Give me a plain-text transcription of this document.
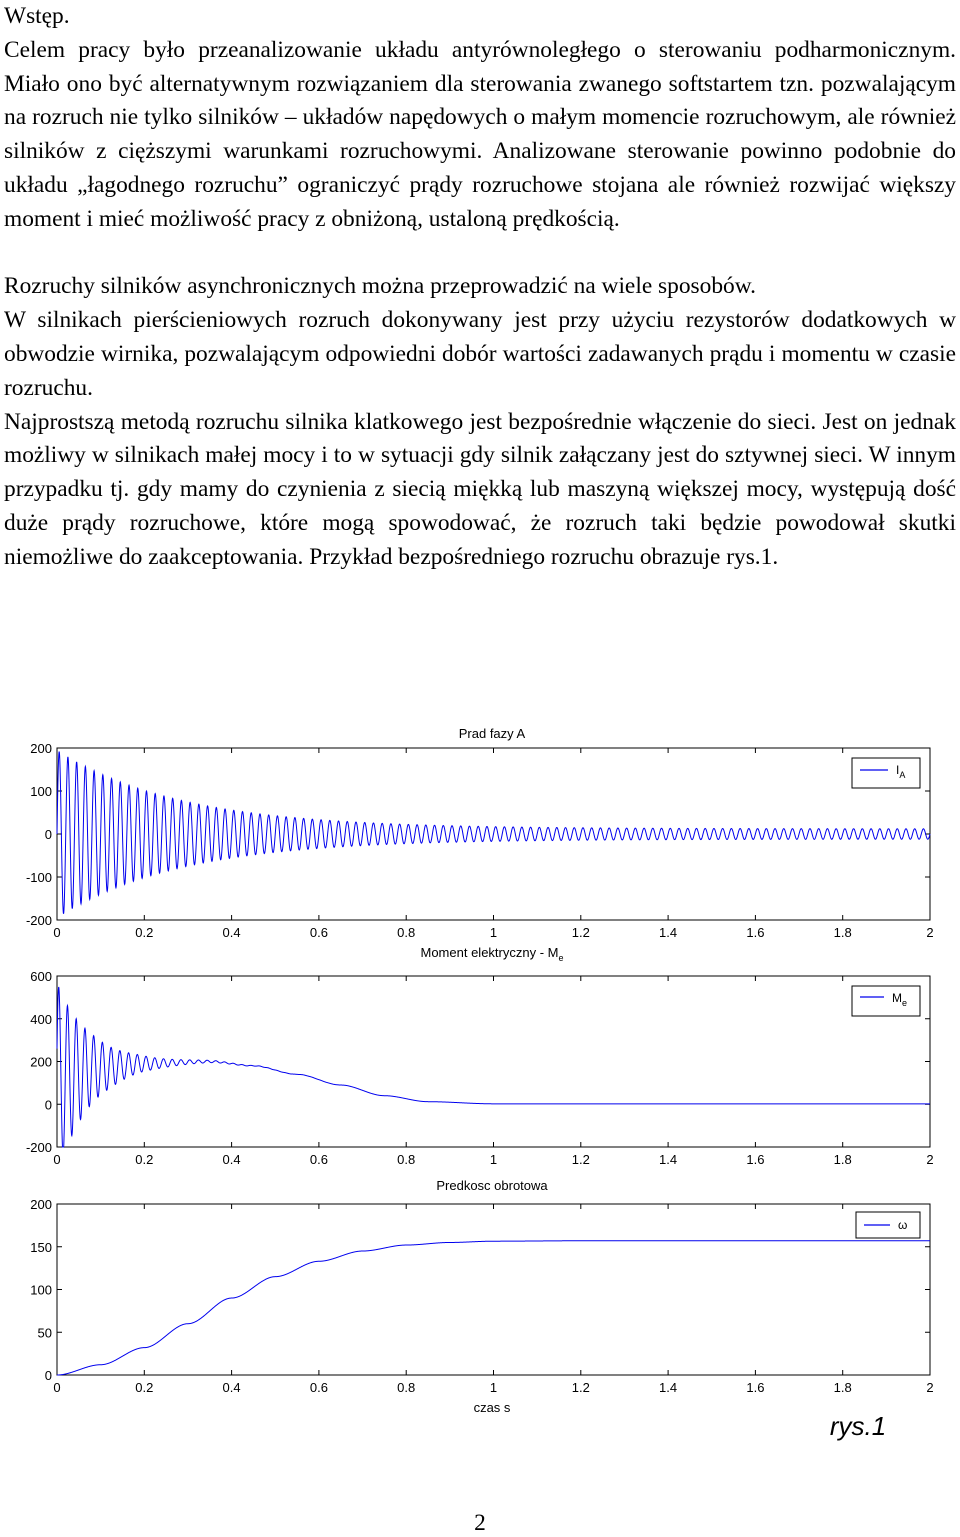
Wstęp.

Celem pracy było przeanalizowanie układu antyrównoległego o sterowaniu podharmonicznym. Miało ono być alternatywnym rozwiązaniem dla sterowania zwanego softstartem tzn. pozwalającym na rozruch nie tylko silników – układów napędowych o małym momencie rozruchowym, ale również silników z cięższymi warunkami rozruchowymi. Analizowane sterowanie powinno podobnie do układu „łagodnego rozruchu” ograniczyć prądy rozruchowe stojana ale również rozwijać większy moment i mieć możliwość pracy z obniżoną, ustaloną prędkością.

Rozruchy silników asynchronicznych można przeprowadzić na wiele sposobów.

W silnikach pierścieniowych rozruch dokonywany jest przy użyciu rezystorów dodatkowych w obwodzie wirnika, pozwalającym odpowiedni dobór wartości zadawanych prądu i momentu w czasie rozruchu.

Najprostszą metodą rozruchu silnika klatkowego jest bezpośrednie włączenie do sieci. Jest on jednak możliwy w silnikach małej mocy i to w sytuacji gdy silnik załączany jest do sztywnej sieci. W innym przypadku tj. gdy mamy do czynienia z siecią miękką lub maszyną większej mocy, występują dość duże prądy rozruchowe, które mogą spowodować, że rozruch taki będzie powodował skutki niemożliwe do zaakceptowania. Przykład bezpośredniego rozruchu obrazuje rys.1.

Prad fazy A
0	0.2	0.4	0.6	0.8	1	1.2	1.4	1.6	1.8	2
200
100
0
-100
-200
$I_A$
Moment elektryczny - $M_e$
0	0.2	0.4	0.6	0.8	1	1.2	1.4	1.6	1.8	2
600
400
200
0
-200
$M_e$
Predkosc obrotowa
0	0.2	0.4	0.6	0.8	1	1.2	1.4	1.6	1.8	2
200
150
100
50
0
ω
czas s
rys.1
2
